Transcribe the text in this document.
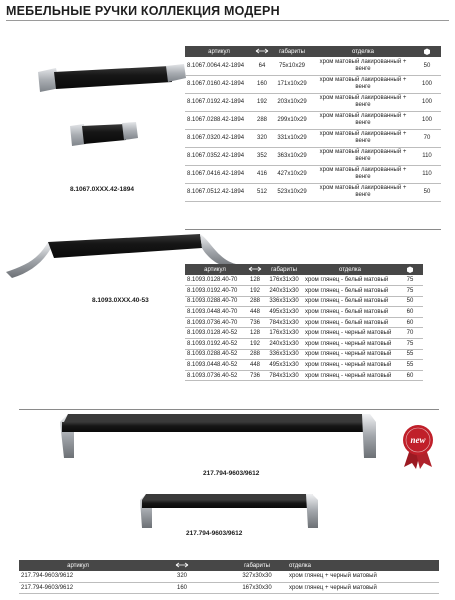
МЕБЕЛЬНЫЕ РУЧКИ КОЛЛЕКЦИЯ МОДЕРН
8.1067.0XXX.42-1894
артикул		габариты	отделка	
8.1067.0064.42-1894	64	75x10x29	хром матовый лакированный + венге	50
8.1067.0160.42-1894	160	171x10x29	хром матовый лакированный + венге	100
8.1067.0192.42-1894	192	203x10x29	хром матовый лакированный + венге	100
8.1067.0288.42-1894	288	299x10x29	хром матовый лакированный + венге	100
8.1067.0320.42-1894	320	331x10x29	хром матовый лакированный + венге	70
8.1067.0352.42-1894	352	363x10x29	хром матовый лакированный + венге	110
8.1067.0416.42-1894	416	427x10x29	хром матовый лакированный + венге	110
8.1067.0512.42-1894	512	523x10x29	хром матовый лакированный + венге	50
8.1093.0XXX.40-53
артикул		габариты	отделка	
8.1093.0128.40-70	128	176x31x30	хром глянец - белый матовый	75
8.1093.0192.40-70	192	240x31x30	хром глянец - белый матовый	75
8.1093.0288.40-70	288	336x31x30	хром глянец - белый матовый	50
8.1093.0448.40-70	448	495x31x30	хром глянец - белый матовый	60
8.1093.0736.40-70	736	784x31x30	хром глянец - белый матовый	60
8.1093.0128.40-52	128	176x31x30	хром глянец - черный матовый	70
8.1093.0192.40-52	192	240x31x30	хром глянец - черный матовый	75
8.1093.0288.40-52	288	336x31x30	хром глянец - черный матовый	55
8.1093.0448.40-52	448	495x31x30	хром глянец - черный матовый	55
8.1093.0736.40-52	736	784x31x30	хром глянец - черный матовый	60
217.794-9603/9612
new
217.794-9603/9612
артикул		габариты	отделка
217.794-9603/9612	320	327x30x30	хром глянец + черный матовый
217.794-9603/9612	160	167x30x30	хром глянец + черный матовый
